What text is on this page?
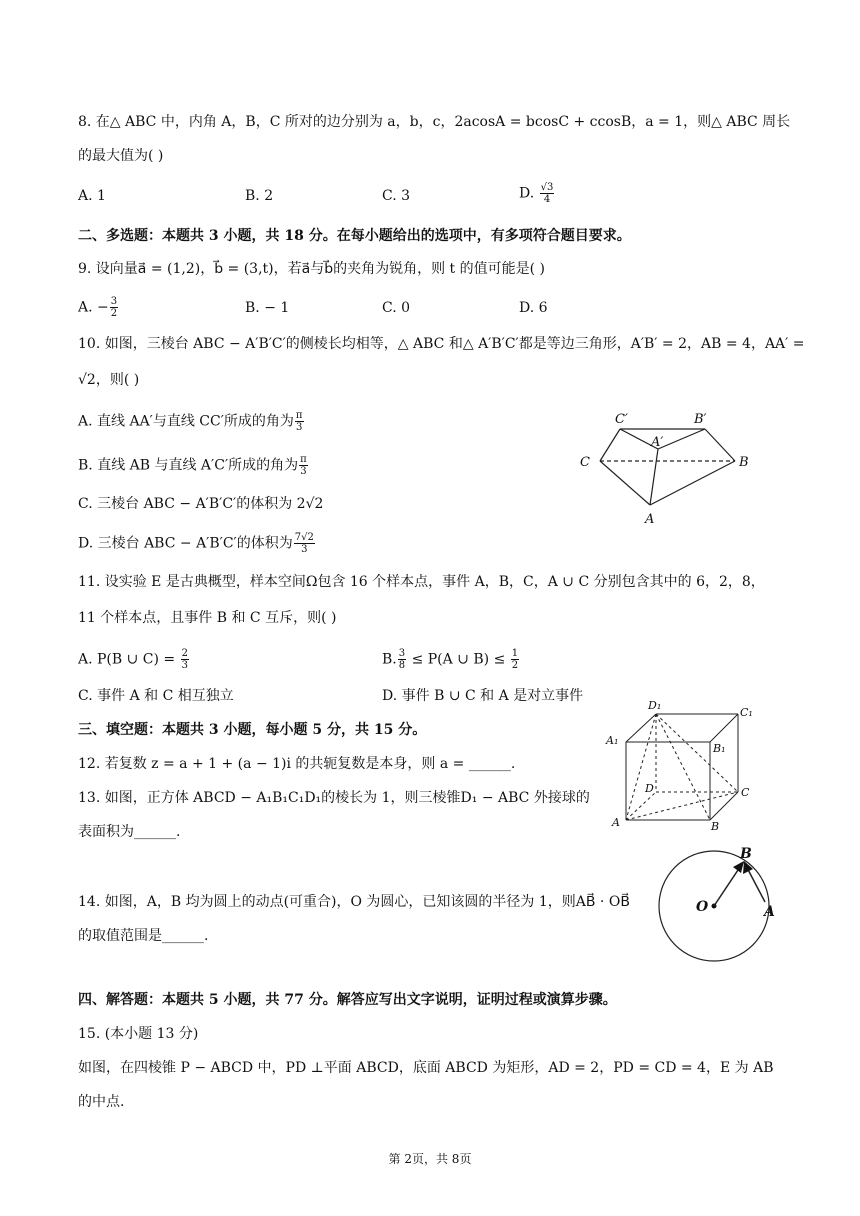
8. 在△ ABC 中，内角 A，B，C 所对的边分别为 a，b，c，2acosA = bcosC + ccosB，a = 1，则△ ABC 周长
的最大值为( )
A. 1	B. 2	C. 3	D. $\frac{√3}{4}$
二、多选题：本题共 3 小题，共 18 分。在每小题给出的选项中，有多项符合题目要求。
9. 设向量a⃗ = (1,2)，b⃗ = (3,t)，若a⃗与b⃗的夹角为锐角，则 t 的值可能是( )
A. − $\frac{3}{2}$	B. − 1	C. 0	D. 6
10. 如图，三棱台 ABC − A′B′C′的侧棱长均相等，△ ABC 和△ A′B′C′都是等边三角形，A′B′ = 2，AB = 4，AA′ =
√2，则( )
A. 直线 AA′与直线 CC′所成的角为 $\frac{\pi}{3}$
B. 直线 AB 与直线 A′C′所成的角为 $\frac{\pi}{3}$
C. 三棱台 ABC − A′B′C′的体积为 2√2
D. 三棱台 ABC − A′B′C′的体积为 $\frac{7√2}{3}$
C′	B′
A′
C	B
A
11. 设实验 E 是古典概型，样本空间Ω包含 16 个样本点，事件 A，B，C，A ∪ C 分别包含其中的 6，2，8，
11 个样本点，且事件 B 和 C 互斥，则( )
A. P(B ∪ $C) = \frac{2}{3}$	B. $\frac{3}{8} \le P(A$ ∪ $B) \le \frac{1}{2}$
C. 事件 A 和 C 相互独立	D. 事件 B ∪ C 和 A 是对立事件
三、填空题：本题共 3 小题，每小题 5 分，共 15 分。
12. 若复数 z = a + 1 + (a − 1)i 的共轭复数是本身，则 a = ______.
13. 如图，正方体 ABCD − A₁B₁C₁D₁的棱长为 1，则三棱锥D₁ − ABC 外接球的
表面积为______.
D₁
C₁
A₁
B₁
D	C
A	B
14. 如图，A，B 均为圆上的动点(可重合)，O 为圆心，已知该圆的半径为 1，则AB⃗ · OB⃗
的取值范围是______.
O
B
A
四、解答题：本题共 5 小题，共 77 分。解答应写出文字说明，证明过程或演算步骤。
15. (本小题 13 分)
如图，在四棱锥 P − ABCD 中，PD ⊥平面 ABCD，底面 ABCD 为矩形，AD = 2，PD = CD = 4，E 为 AB
的中点.
第 2页，共 8页
